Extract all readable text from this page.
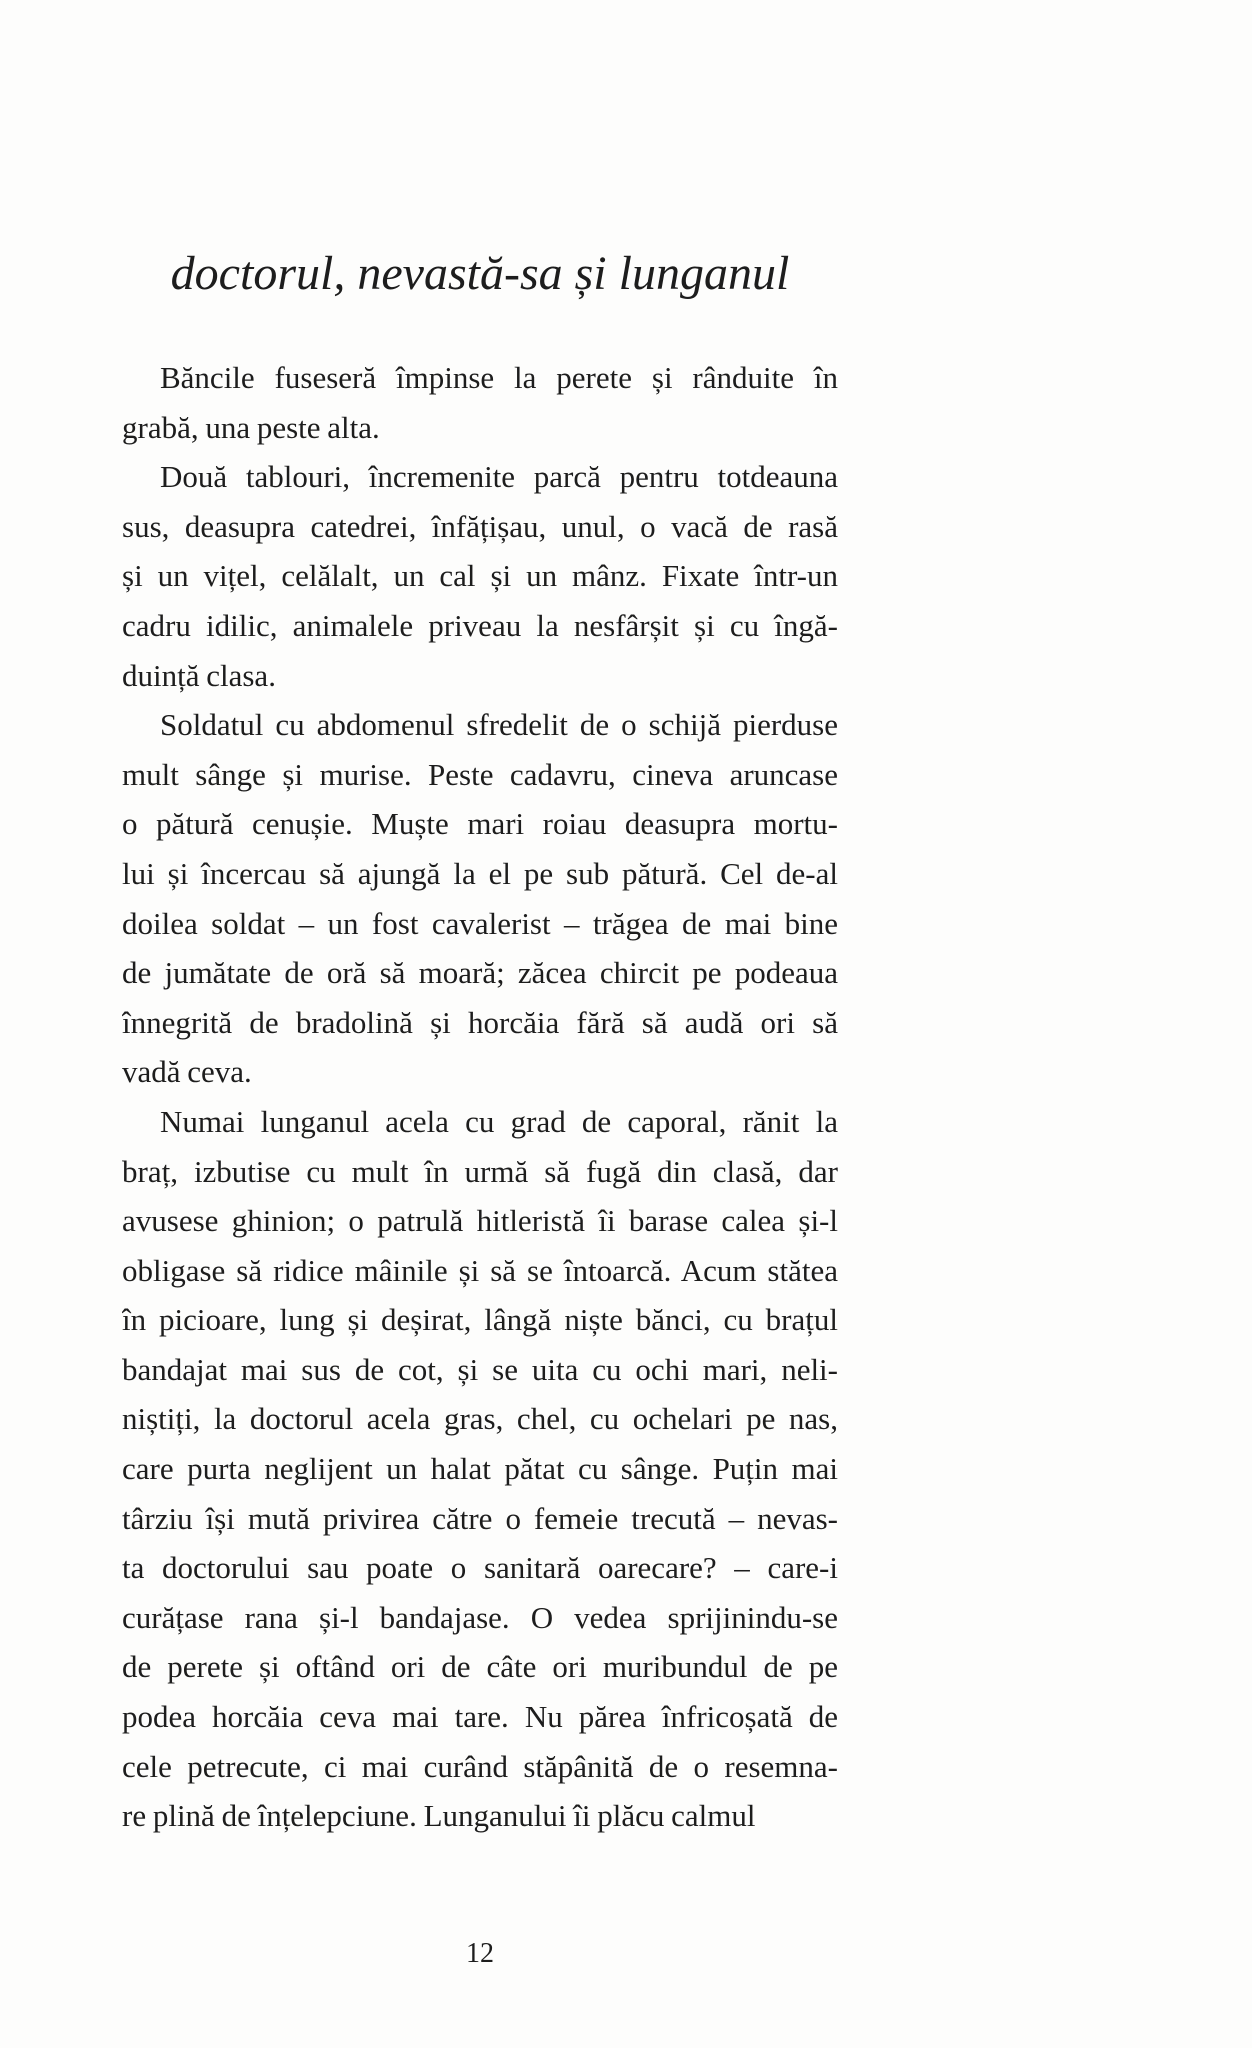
doctorul, nevastă-sa și lunganul
Băncile fuseseră împinse la perete și rânduite în
grabă, una peste alta.
Două tablouri, încremenite parcă pentru totdeauna
sus, deasupra catedrei, înfățișau, unul, o vacă de rasă
și un vițel, celălalt, un cal și un mânz. Fixate într-un
cadru idilic, animalele priveau la nesfârșit și cu îngă-
duință clasa.
Soldatul cu abdomenul sfredelit de o schijă pierduse
mult sânge și murise. Peste cadavru, cineva aruncase
o pătură cenușie. Muște mari roiau deasupra mortu-
lui și încercau să ajungă la el pe sub pătură. Cel de-al
doilea soldat – un fost cavalerist – trăgea de mai bine
de jumătate de oră să moară; zăcea chircit pe podeaua
înnegrită de bradolină și horcăia fără să audă ori să
vadă ceva.
Numai lunganul acela cu grad de caporal, rănit la
braț, izbutise cu mult în urmă să fugă din clasă, dar
avusese ghinion; o patrulă hitleristă îi barase calea și-l
obligase să ridice mâinile și să se întoarcă. Acum stătea
în picioare, lung și deșirat, lângă niște bănci, cu brațul
bandajat mai sus de cot, și se uita cu ochi mari, neli-
niștiți, la doctorul acela gras, chel, cu ochelari pe nas,
care purta neglijent un halat pătat cu sânge. Puțin mai
târziu își mută privirea către o femeie trecută – nevas-
ta doctorului sau poate o sanitară oarecare? – care-i
curățase rana și-l bandajase. O vedea sprijinindu-se
de perete și oftând ori de câte ori muribundul de pe
podea horcăia ceva mai tare. Nu părea înfricoșată de
cele petrecute, ci mai curând stăpânită de o resemna-
re plină de înțelepciune. Lunganului îi plăcu calmul
12
